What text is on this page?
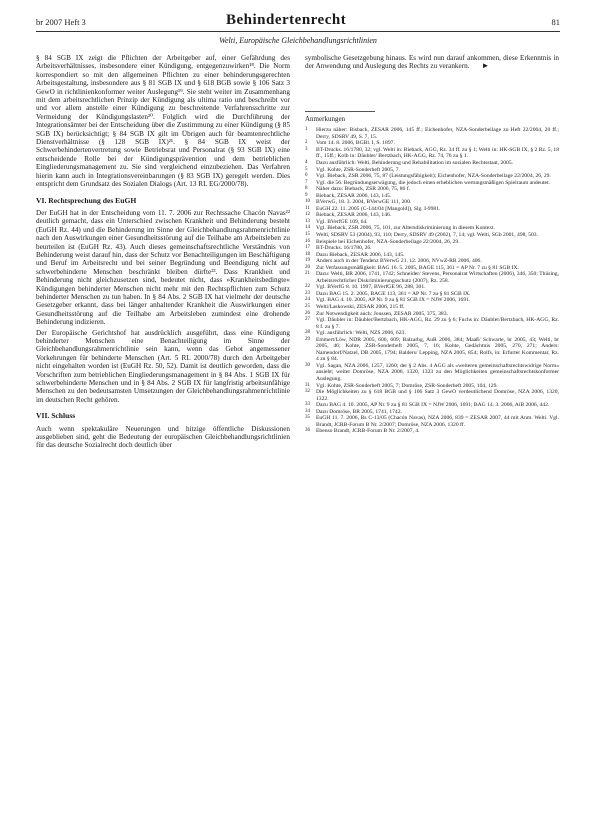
br 2007 Heft 3	Behindertenrecht	81
Welti, Europäische Gleichbehandlungsrichtlinien

§ 84 SGB IX zeigt die Pflichten der Arbeitgeber auf, einer Gefährdung des Arbeitsverhältnisses, insbesondere einer Kündigung, entgegenzuwirken¹⁸. Die Norm korrespondiert so mit den allgemeinen Pflichten zu einer behinderungsgerechten Arbeitsgestaltung, insbesondere aus § 81 SGB IX und § 618 BGB sowie § 106 Satz 3 GewO in richtlinienkonformer weiter Auslegung¹⁹. Sie steht weiter im Zusammenhang mit dem arbeitsrechtlichen Prinzip der Kündigung als ultima ratio und beschreibt vor und vor allem anstelle einer Kündigung zu beschreitende Verfahrensschritte zur Vermeidung der Kündigungslasten²⁰. Folglich wird die Durchführung der Integrationsämter bei der Entscheidung über die Zustimmung zu einer Kündigung (§ 85 SGB IX) berücksichtigt; § 84 SGB IX gilt im Übrigen auch für beamtenrechtliche Dienstverhältnisse (§ 128 SGB IX)²¹. § 84 SGB IX weist der Schwerbehindertenvertretung sowie Betriebsrat und Personalrat (§ 93 SGB IX) eine entscheidende Rolle bei der Kündigungsprävention und dem betrieblichen Eingliederungsmanagement zu. Sie sind vergleichend einzubeziehen. Das Verfahren hierin kann auch in Integrationsvereinbarungen (§ 83 SGB IX) geregelt werden. Dies entspricht dem Grundsatz des Sozialen Dialogs (Art. 13 RL EG/2000/78).

VI. Rechtsprechung des EuGH

Der EuGH hat in der Entscheidung vom 11. 7. 2006 zur Rechtssache Chacón Navas²² deutlich gemacht, dass ein Unterschied zwischen Krankheit und Behinderung besteht (EuGH Rz. 44) und die Behinderung im Sinne der Gleichbehandlungsrahmenrichtlinie nach den Auswirkungen einer Gesundheitsstörung auf die Teilhabe am Arbeitsleben zu beurteilen ist (EuGH Rz. 43). Auch dieses gemeinschaftsrechtliche Verständnis von Behinderung weist darauf hin, dass der Schutz vor Benachteiligungen im Beschäftigung und Beruf im Arbeitsrecht und bei seiner Begründung und Beendigung nicht auf schwerbehinderte Menschen beschränkt bleiben dürfte²³. Dass Krankheit und Behinderung nicht gleichzusetzen sind, bedeutet nicht, dass »Krankheitsbedingte« Kündigungen behinderter Menschen nicht mehr mit den Rechtspflichten zum Schutz behinderter Menschen zu tun haben. In § 84 Abs. 2 SGB IX hat vielmehr der deutsche Gesetzgeber erkannt, dass bei länger anhaltender Krankheit die Auswirkungen einer Gesundheitsstörung auf die Teilhabe am Arbeitsleben zumindest eine drohende Behinderung indizieren.

Der Europäische Gerichtshof hat ausdrücklich ausgeführt, dass eine Kündigung behinderter Menschen eine Benachteiligung im Sinne der Gleichbehandlungsrahmenrichtlinie sein kann, wenn das Gebot angemessener Vorkehrungen für behinderte Menschen (Art. 5 RL 2000/78) durch den Arbeitgeber nicht eingehalten worden ist (EuGH Rz. 50, 52). Damit ist deutlich geworden, dass die Vorschriften zum betrieblichen Eingliederungsmanagement in § 84 Abs. 1 SGB IX für schwerbehinderte Menschen und in § 84 Abs. 2 SGB IX für langfristig arbeitsunfähige Menschen zu den bedeutsamsten Umsetzungen der Gleichbehandlungsrahmenrichtlinie im deutschen Recht gehören.

VII. Schluss

Auch wenn spektakuläre Neuerungen und hitzige öffentliche Diskussionen ausgeblieben sind, geht die Bedeutung der europäischen Gleichbehandlungsrichtlinien für das deutsche Sozialrecht doch deutlich über

symbolische Gesetzgebung hinaus. Es wird nun darauf ankommen, diese Erkenntnis in der Anwendung und Auslegung des Rechts zu verankern. ►

Anmerkungen
1 Hierzu näher: Bisback, ZESAR 2006, 145 ff.; Eichenhofer, NZA-Sonderbeilage zu Heft 22/2004, 20 ff.; Derry, SDSRV 49, S. 7, 15.
2 Vom 14. 8. 2006, BGBl. I, S. 1897.
3 BT-Drucks. 16/1780, 32; vgl. Welti in: Bieback, AGG, Rz. 34 ff. zu § 1; Welti in: HK-SGB IX, § 2 Rz. 5, 18 ff., 15ff.; Kolb in: Däubler/ Bertzbach, HK-AGG, Rz. 74, 76 zu § 1.
4 Dazu ausführlich: Welti, Behinderung und Rehabilitation im sozialen Rechtsstaat, 2005.
5 Vgl. Kohte, ZSR-Sonderheft 2005, 7.
6 Vgl. Bieback, ZSR 2006, 75, 87 (Leistungsfähigkeit); Eichenhofer, NZA-Sonderbeilage 22/2004, 26, 29.
7 Vgl. die 56. Begründungserwägung, die jedoch einen erheblichen wertungsmäßigen Spielraum andeutet.
8 Näher dazu: Bieback, ZSR 2006, 75, 86 f.
9 Bieback, ZESAR 2006, 143, 145.
10 BVerwG, 18. 3. 2004, BVerwGE 111, 200.
11 EuGH 22. 11. 2005 (C-144/04 [Mangold]), Slg. I-9981.
12 Bieback, ZESAR 2006, 143, 146.
13 Vgl. BVerfGE 109, 64.
14 Vgl. Bieback, ZSR 2006, 75, 101, zur Altersdiskriminierung in diesem Kontext.
15 Welti, SDSRV 53 (2004), 93, 110; Derry, SDSRV 49 (2002), 7, 14; vgl. Welti, SGb 2001, 498, 503.
16 Beispiele bei Eichenhofer, NZA-Sonderbeilage 22/2004, 26, 29.
17 BT-Drucks. 16/1780, 26.
18 Dazu Bieback, ZESAR 2006, 143, 145.
19 Anders auch in der Tendenz BVerwG 21. 12. 2006, NVwZ-RR 2006, 406.
20 Zur Verfassungsmäßigkeit: BAG 16. 5. 2005, BAGE 115, 361 = AP Nr. 7 zu § 81 SGB IX.
21 Dazu: Welti, BR 2006, 1741, 1742; Schneider/ Stevens, Personalrat Wirtschaften (2006), 346, 350; Thüsing, Arbeitsrechtlicher Diskriminierungsschutz (2007), Rz. 258.
22 Vgl. BVerfG 8. 10. 1997, BVerfGE 96, 288, 301.
23 Dazu BAG 15. 2. 2005, BAGE 113, 361 = AP Nr. 7 zu § 81 SGB IX.
24 Vgl. BAG 4. 10. 2005, AP Nr. 9 zu § 81 SGB IX = NJW 2006, 1691.
25 Welti/Laskowski, ZESAR 2006, 215 ff.
26 Zur Notwendigkeit auch: Joussen, ZESAR 2005, 375, 383.
27 Vgl. Däubler in: Däubler/Bertzbach, HK-AGG, Rz. 29 zu § 6; Fuchs in: Däubler/Bertzbach, HK-AGG, Rz. 8 f. zu § 7.
28 Vgl. ausführlich: Welti, NZS 2006, 623.
29 Emmert/Löw, NDR 2005, 606, 609; Balzarbg, AuR 2006, 384; Maaß/ Schwarte, br 2005, 43; Welti, br 2005, 46; Kohte, ZSR-Sonderheft 2005, 7, 16; Kohte, Gedächtnis 2005, 270, 271; Anders: Namendorf/Natzel, DB 2005, 1794; Balders/ Lepping, NZA 2005, 854; Rolfs, in: Erfurter Kommentar, Rz. 4 zu § 84.
30 Vgl. Sagan, NZA 2006, 1257, 1260; der § 2 Abs. 4 AGG als »weiteren gemeinschaftsrechtswidrige Norm« ansieht; weiter Domröse, NZA 2006, 1320, 1323 zu den Möglichkeiten gemeinschaftsrechtskonformer Auslegung.
31 Vgl. Kohte, ZSR-Sonderheft 2005, 7; Domröse, ZSR-Sonderheft 2005, 104, 129.
32 Die Möglichkeiten zu § 618 BGB und § 106 Satz 3 GewO verdeutlichend Domröse, NZA 2006, 1320, 1322.
33 Dazu BAG 4. 10. 2005, AP Nr. 9 zu § 81 SGB IX = NJW 2006, 1691; BAG 14. 3. 2006, AiB 2006, 442.
34 Dazu Domröse, BR 2005, 1741, 1742.
35 EuGH 11. 7. 2006, Rs C-13/05 (Chacón Navas), NZA 2006, 839 = ZESAR 2007, 44 mit Anm. Welti. Vgl. Brandt, JCRB-Forum B Nr. 2/2007; Domröse, NZA 2006, 1320 ff.
36 Ebenso Brandt, JCRB-Forum B Nr. 2/2007, 4.
